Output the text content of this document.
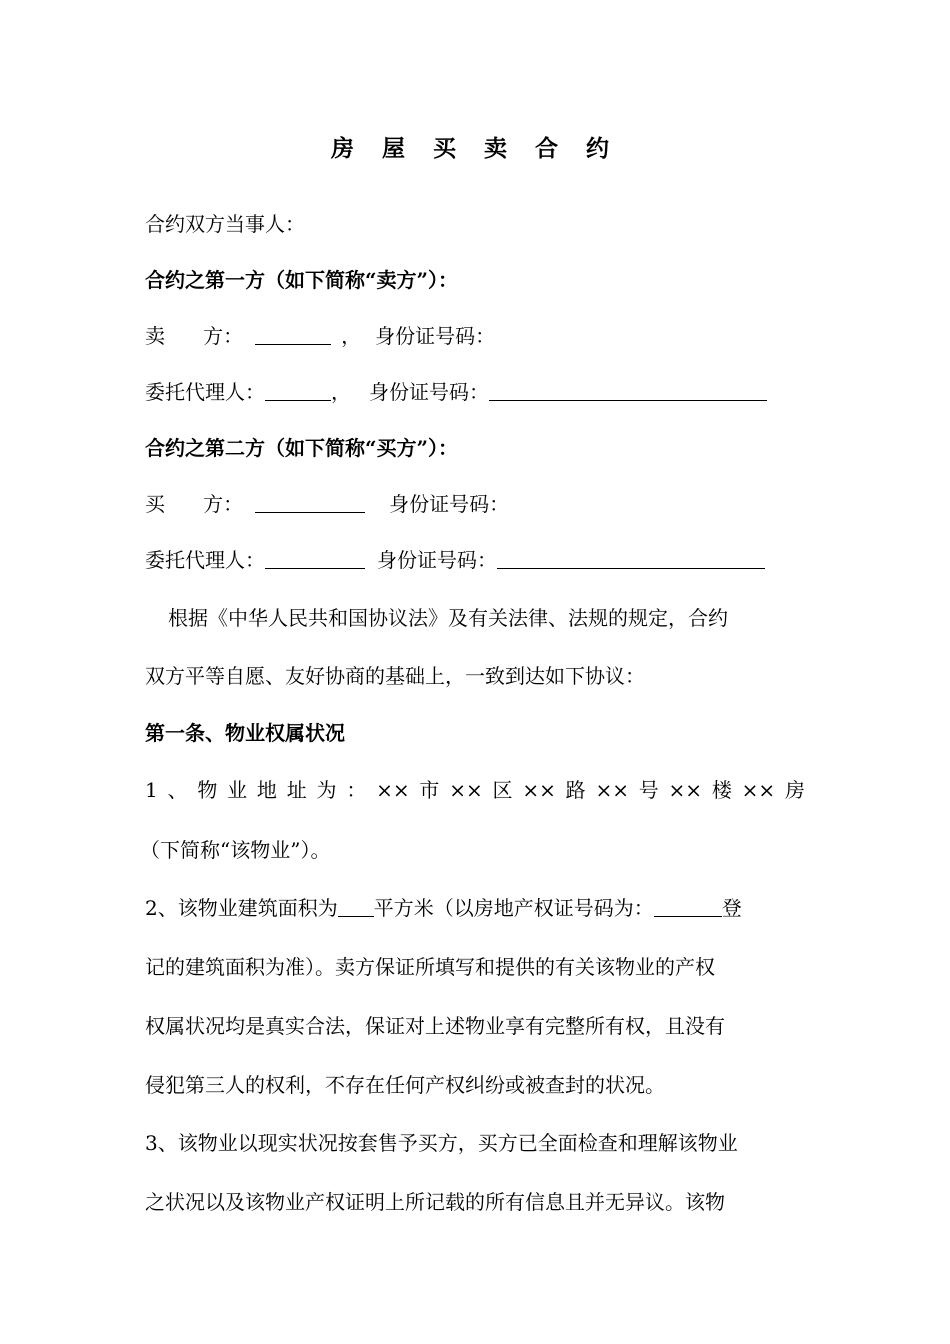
房 屋 买 卖 合 约
合约双方当事人：
合约之第一方（如下简称“卖方”）：
卖      方：	， 身份证号码：
委托代理人：	， 身份证号码：
合约之第二方（如下简称“买方”）：
买      方：	身份证号码：
委托代理人：	身份证号码：
根据《中华人民共和国协议法》及有关法律、法规的规定，合约
双方平等自愿、友好协商的基础上，一致到达如下协议：
第一条、物业权属状况
1 、 物 业 地 址 为 ： ×× 市 ×× 区 ×× 路 ×× 号 ×× 楼 ×× 房
（下简称“该物业”）。
2、该物业建筑面积为 平方米（以房地产权证号码为：	登
记的建筑面积为准）。卖方保证所填写和提供的有关该物业的产权
权属状况均是真实合法，保证对上述物业享有完整所有权，且没有
侵犯第三人的权利，不存在任何产权纠纷或被查封的状况。
3、该物业以现实状况按套售予买方，买方已全面检查和理解该物业
之状况以及该物业产权证明上所记载的所有信息且并无异议。该物
